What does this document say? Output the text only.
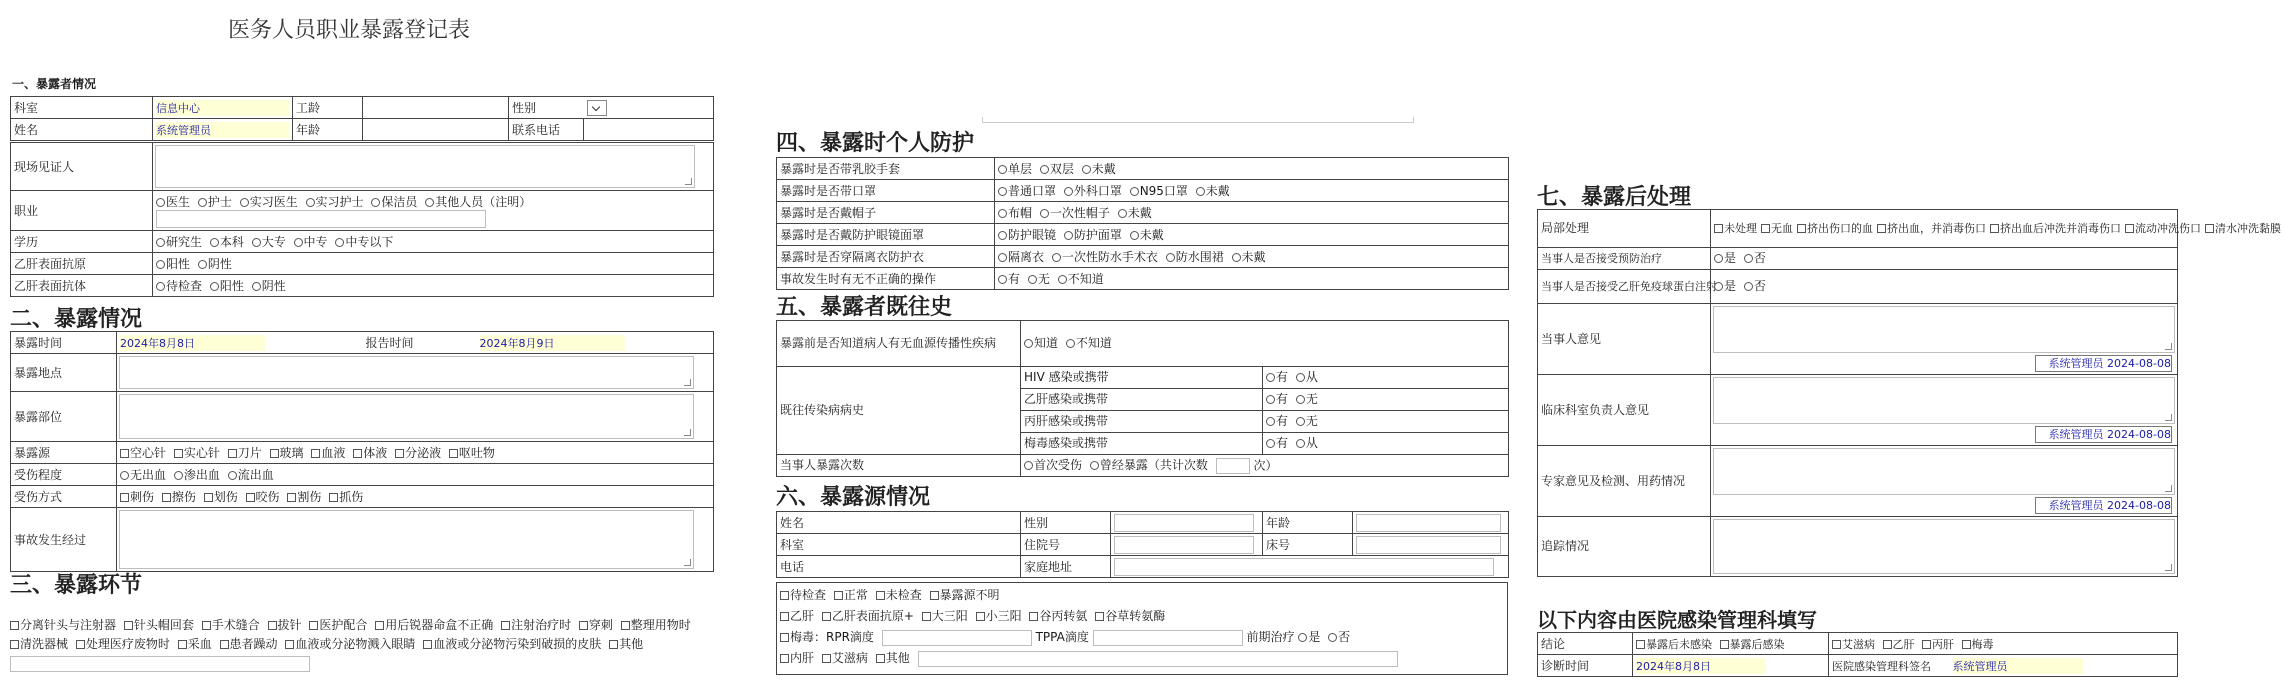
医务人员职业暴露登记表
一、暴露者情况
科室	信息中心	工龄		性别	
姓名	系统管理员	年龄		联系电话	
现场见证人	

职业	医生 护士 实习医生 实习护士 保洁员 其他人员（注明）

学历	研究生 本科 大专 中专 中专以下
乙肝表面抗原	阳性 阴性
乙肝表面抗体	待检查 阳性 阴性
二、暴露情况
暴露时间	2024年8月8日	报告时间	2024年8月9日
暴露地点	

暴露部位	

暴露源	空心针 实心针 刀片 玻璃 血液 体液 分泌液 呕吐物
受伤程度	无出血 渗出血 流出血
受伤方式	刺伤 擦伤 划伤 咬伤 割伤 抓伤
事故发生经过	
三、暴露环节
分离针头与注射器 针头帽回套 手术缝合 拔针 医护配合 用后锐器命盒不正确 注射治疗时 穿刺 整理用物时 清洗器械 处理医疗废物时 采血 患者躁动 血液或分泌物溅入眼睛 血液或分泌物污染到破损的皮肤 其他
四、暴露时个人防护
暴露时是否带乳胶手套	单层 双层 未戴
暴露时是否带口罩	普通口罩 外科口罩 N95口罩 未戴
暴露时是否戴帽子	布帽 一次性帽子 未戴
暴露时是否戴防护眼镜面罩	防护眼镜 防护面罩 未戴
暴露时是否穿隔离衣防护衣	隔离衣 一次性防水手术衣 防水围裙 未戴
事故发生时有无不正确的操作	有 无 不知道
五、暴露者既往史
暴露前是否知道病人有无血源传播性疾病	知道 不知道	
既往传染病病史	HIV 感染或携带	有 从
	乙肝感染或携带	有 无
	丙肝感染或携带	有 无
	梅毒感染或携带	有 从
当事人暴露次数	首次受伤 曾经暴露（共计次数 次）	
六、暴露源情况
姓名	性别		年龄	
科室	住院号		床号	
电话	家庭地址			
待检查 正常 未检查 暴露源不明
乙肝 乙肝表面抗原+ 大三阳 小三阳 谷丙转氨 谷草转氨酶
梅毒：RPR滴度	TPPA滴度	前期治疗 是 否
内肝 艾滋病 其他
七、暴露后处理
局部处理	未处理 无血 挤出伤口的血 挤出血，并消毒伤口 挤出血后冲洗并消毒伤口 流动冲洗伤口 清水冲洗黏膜
当事人是否接受预防治疗	是 否
当事人是否接受乙肝免疫球蛋白注射	是 否
当事人意见	系统管理员 2024-08-08

临床科室负责人意见	系统管理员 2024-08-08

专家意见及检测、用药情况	系统管理员 2024-08-08

追踪情况	
以下内容由医院感染管理科填写
结论	暴露后未感染 暴露后感染	艾滋病 乙肝 丙肝 梅毒
诊断时间	2024年8月8日	医院感染管理科签名 系统管理员
